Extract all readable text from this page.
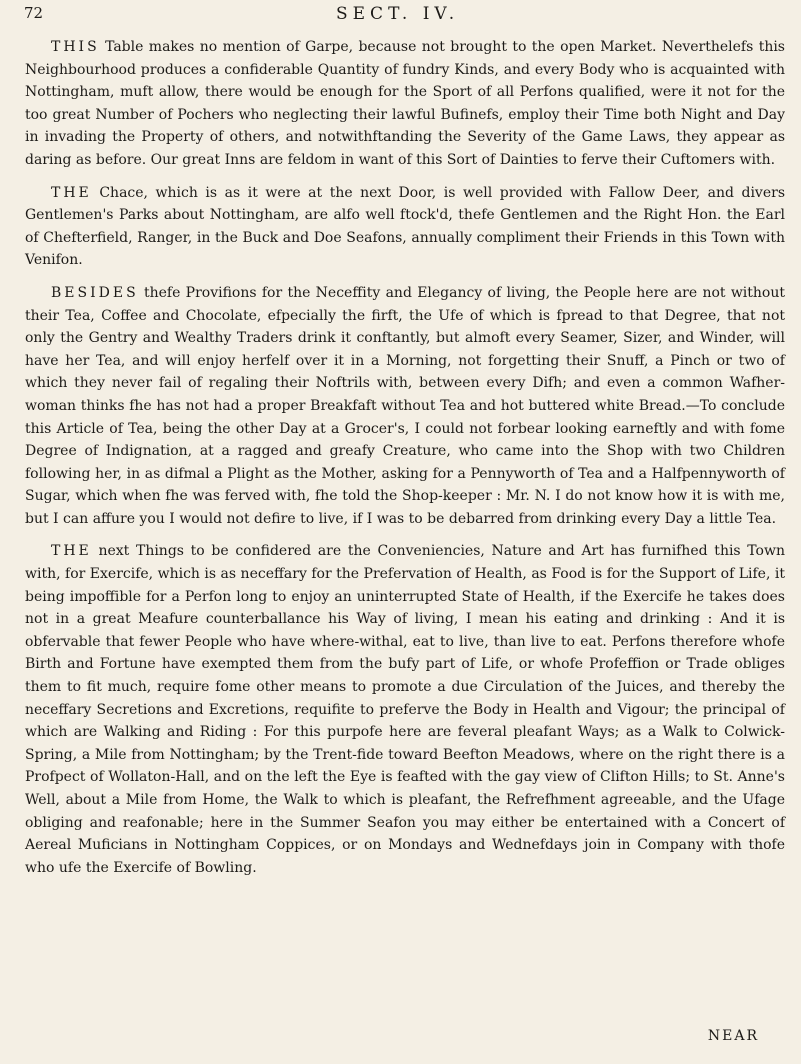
72	SECT. IV.

THIS Table makes no mention of Garpe, because not brought to the open Market. Neverthelefs this Neighbourhood produces a confiderable Quantity of fundry Kinds, and every Body who is acquainted with Nottingham, muft allow, there would be enough for the Sport of all Perfons qualified, were it not for the too great Number of Pochers who neglecting their lawful Bufinefs, employ their Time both Night and Day in invading the Property of others, and notwithftanding the Severity of the Game Laws, they appear as daring as before. Our great Inns are feldom in want of this Sort of Dainties to ferve their Cuftomers with.

THE Chace, which is as it were at the next Door, is well provided with Fallow Deer, and divers Gentlemen's Parks about Nottingham, are alfo well ftock'd, thefe Gentlemen and the Right Hon. the Earl of Chefterfield, Ranger, in the Buck and Doe Seafons, annually compliment their Friends in this Town with Venifon.

BESIDES thefe Provifions for the Neceffity and Elegancy of living, the People here are not without their Tea, Coffee and Chocolate, efpecially the firft, the Ufe of which is fpread to that Degree, that not only the Gentry and Wealthy Traders drink it conftantly, but almoft every Seamer, Sizer, and Winder, will have her Tea, and will enjoy herfelf over it in a Morning, not forgetting their Snuff, a Pinch or two of which they never fail of regaling their Noftrils with, between every Difh; and even a common Wafher-woman thinks fhe has not had a proper Breakfaft without Tea and hot buttered white Bread.—To conclude this Article of Tea, being the other Day at a Grocer's, I could not forbear looking earneftly and with fome Degree of Indignation, at a ragged and greafy Creature, who came into the Shop with two Children following her, in as difmal a Plight as the Mother, asking for a Pennyworth of Tea and a Halfpennyworth of Sugar, which when fhe was ferved with, fhe told the Shop-keeper : Mr. N. I do not know how it is with me, but I can affure you I would not defire to live, if I was to be debarred from drinking every Day a little Tea.

THE next Things to be confidered are the Conveniencies, Nature and Art has furnifhed this Town with, for Exercife, which is as neceffary for the Prefervation of Health, as Food is for the Support of Life, it being impoffible for a Perfon long to enjoy an uninterrupted State of Health, if the Exercife he takes does not in a great Meafure counterballance his Way of living, I mean his eating and drinking : And it is obfervable that fewer People who have where-withal, eat to live, than live to eat. Perfons therefore whofe Birth and Fortune have exempted them from the bufy part of Life, or whofe Profeffion or Trade obliges them to fit much, require fome other means to promote a due Circulation of the Juices, and thereby the neceffary Secretions and Excretions, requifite to preferve the Body in Health and Vigour; the principal of which are Walking and Riding : For this purpofe here are feveral pleafant Ways; as a Walk to Colwick-Spring, a Mile from Nottingham; by the Trent-fide toward Beefton Meadows, where on the right there is a Profpect of Wollaton-Hall, and on the left the Eye is feafted with the gay view of Clifton Hills; to St. Anne's Well, about a Mile from Home, the Walk to which is pleafant, the Refrefhment agreeable, and the Ufage obliging and reafonable; here in the Summer Seafon you may either be entertained with a Concert of Aereal Muficians in Nottingham Coppices, or on Mondays and Wednefdays join in Company with thofe who ufe the Exercife of Bowling.

NEAR
